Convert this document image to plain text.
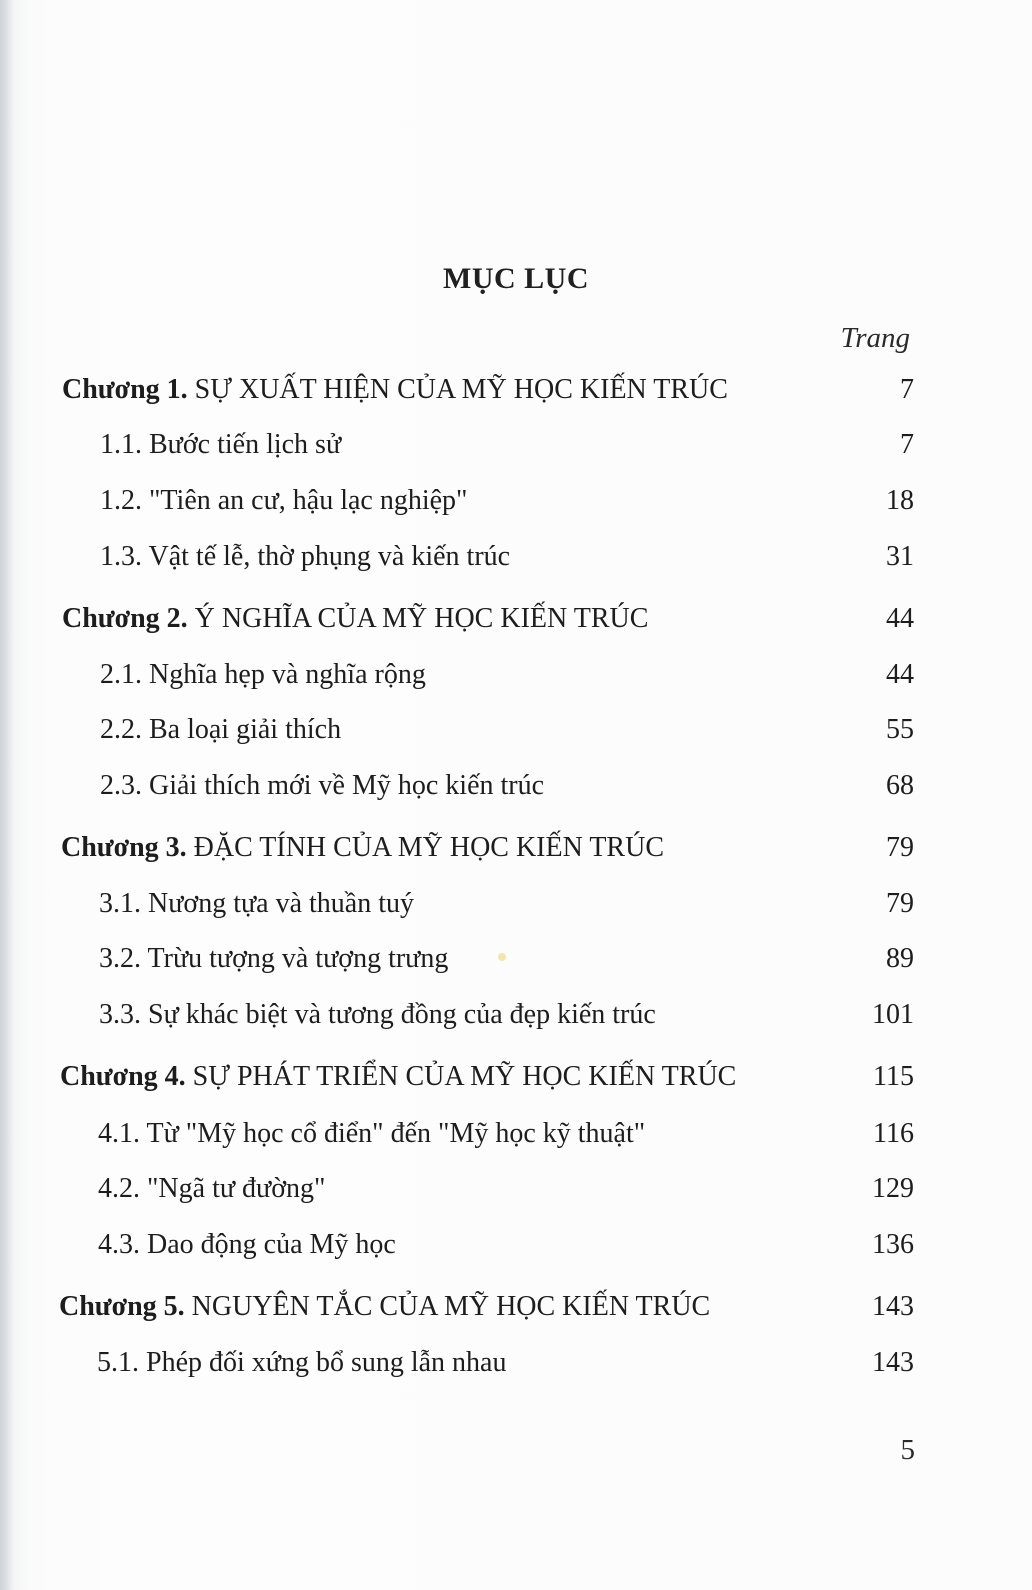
MỤC LỤC
Trang
Chương 1. SỰ XUẤT HIỆN CỦA MỸ HỌC KIẾN TRÚC	7
1.1. Bước tiến lịch sử	7
1.2. "Tiên an cư, hậu lạc nghiệp"	18
1.3. Vật tế lễ, thờ phụng và kiến trúc	31
Chương 2. Ý NGHĨA CỦA MỸ HỌC KIẾN TRÚC	44
2.1. Nghĩa hẹp và nghĩa rộng	44
2.2. Ba loại giải thích	55
2.3. Giải thích mới về Mỹ học kiến trúc	68
Chương 3. ĐẶC TÍNH CỦA MỸ HỌC KIẾN TRÚC	79
3.1. Nương tựa và thuần tuý	79
3.2. Trừu tượng và tượng trưng	89
3.3. Sự khác biệt và tương đồng của đẹp kiến trúc	101
Chương 4. SỰ PHÁT TRIỂN CỦA MỸ HỌC KIẾN TRÚC	115
4.1. Từ "Mỹ học cổ điển" đến "Mỹ học kỹ thuật"	116
4.2. "Ngã tư đường"	129
4.3. Dao động của Mỹ học	136
Chương 5. NGUYÊN TẮC CỦA MỸ HỌC KIẾN TRÚC	143
5.1. Phép đối xứng bổ sung lẫn nhau	143
5
